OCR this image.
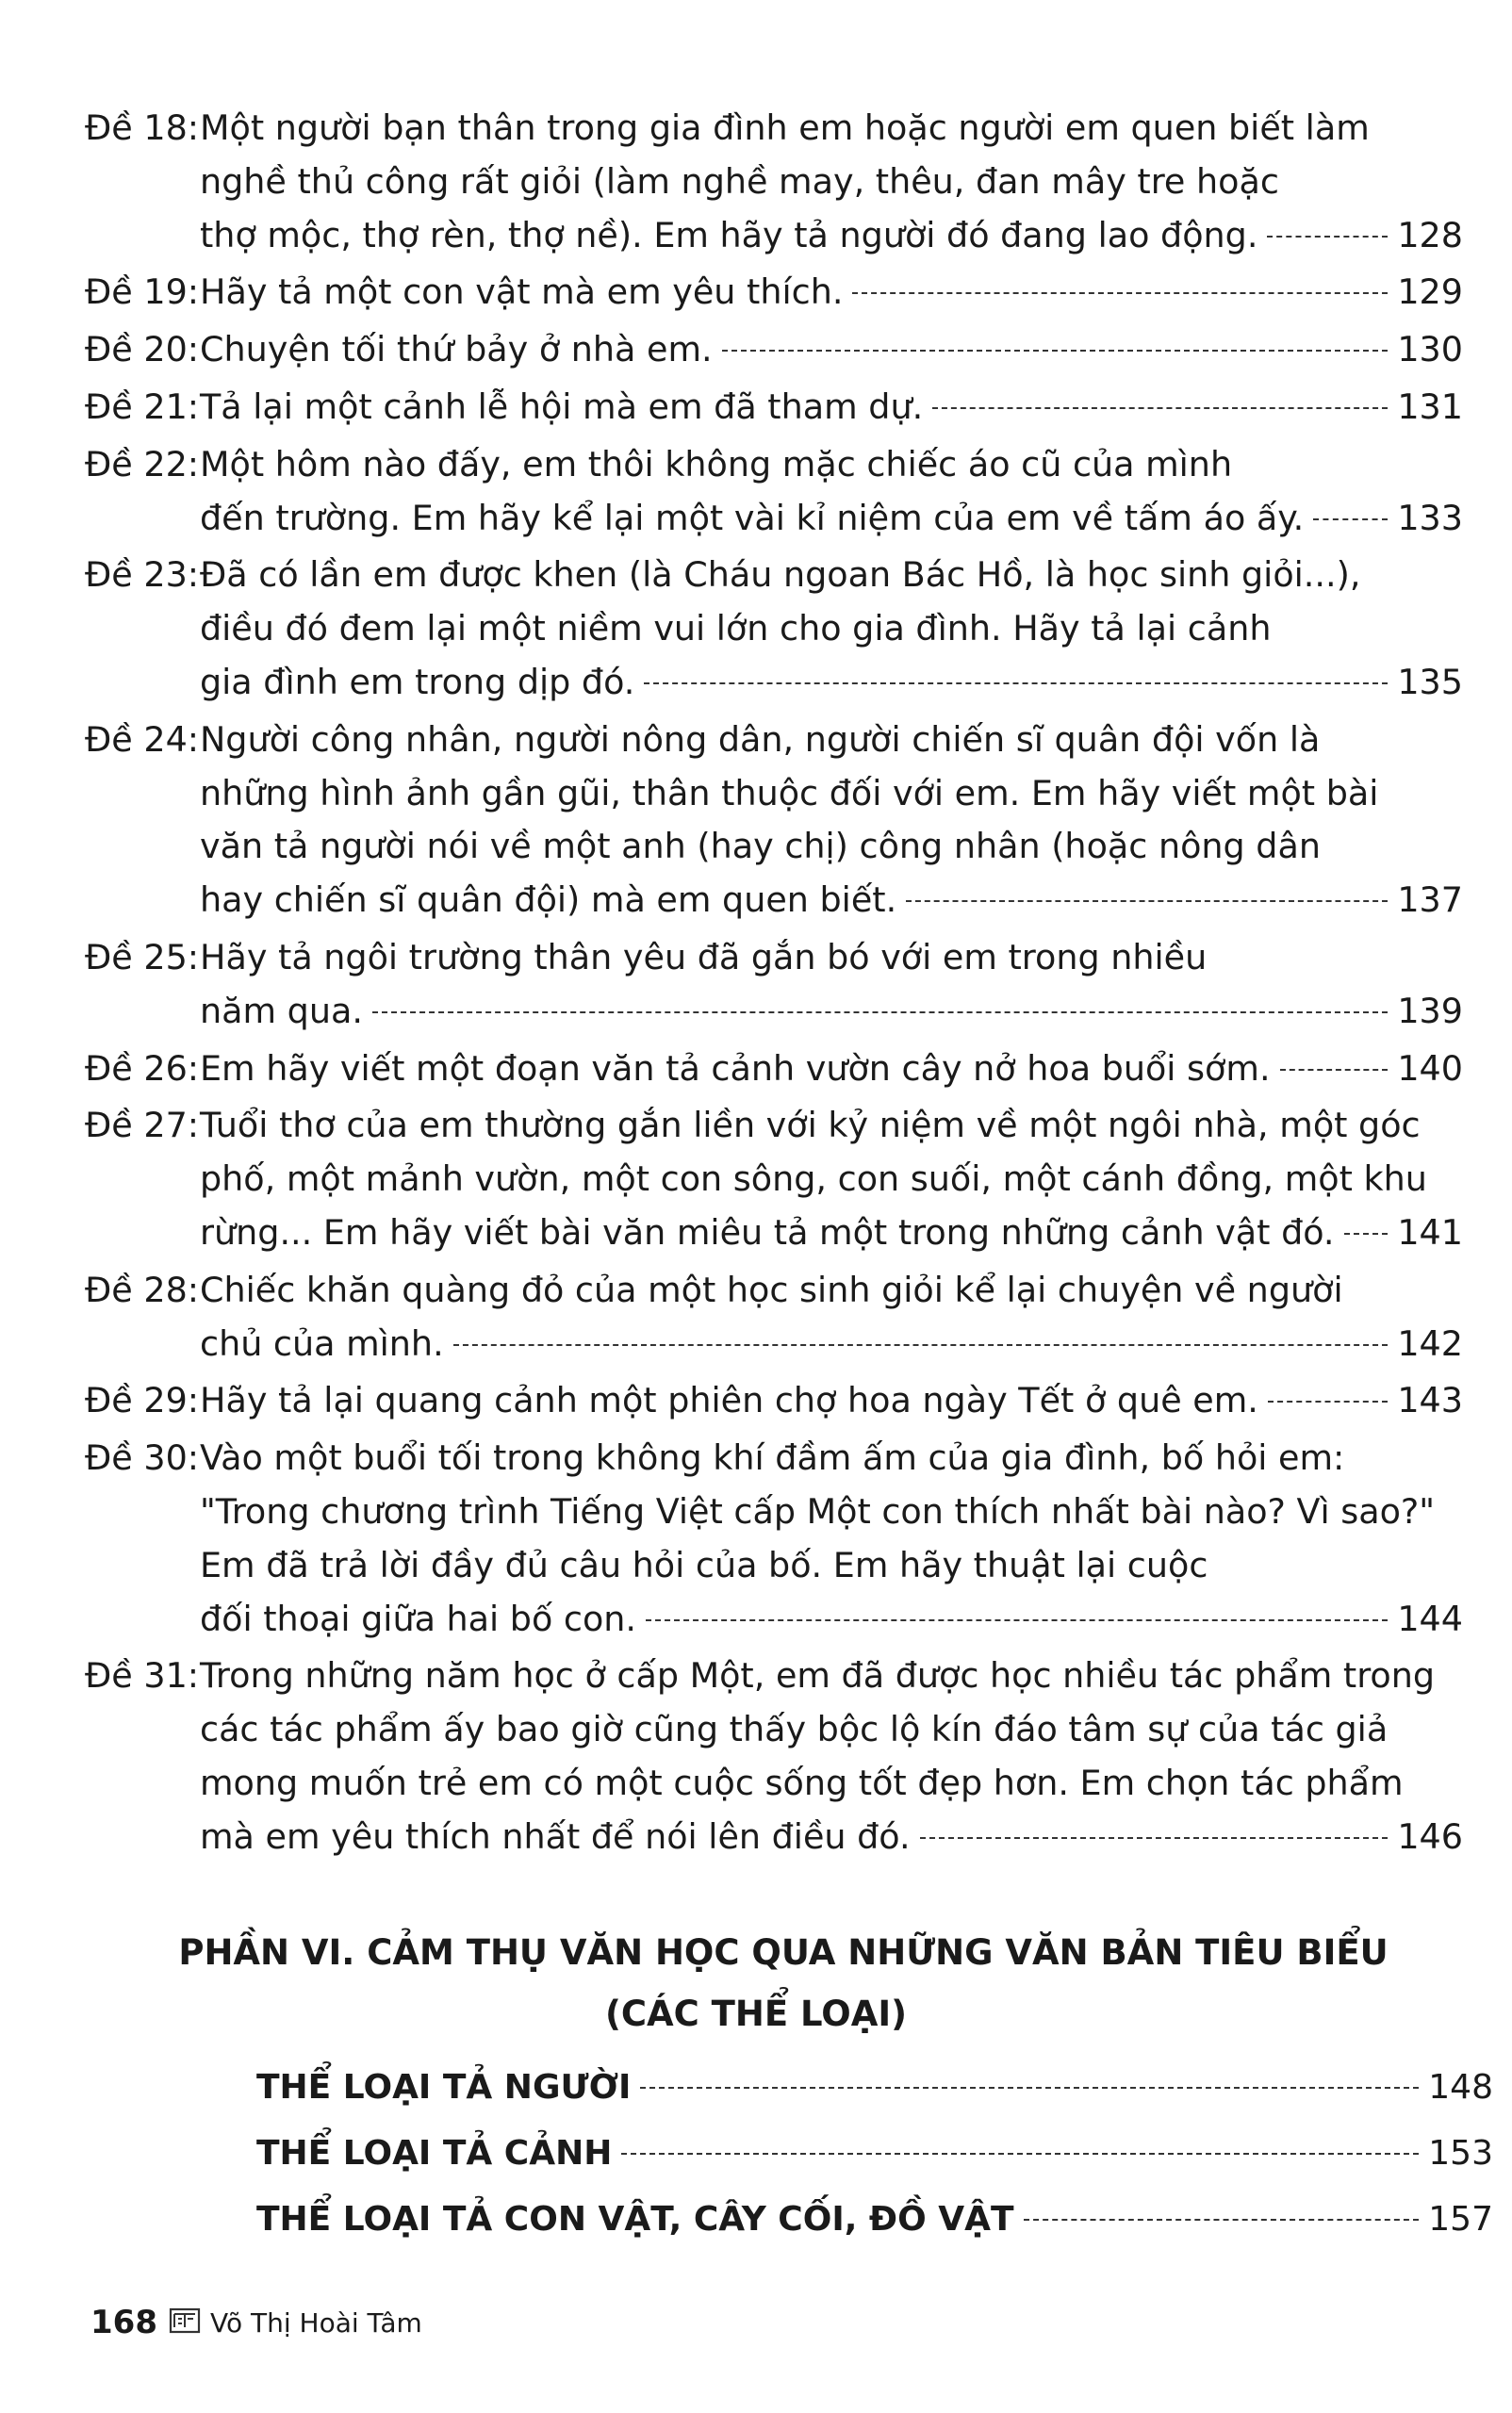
Đề 18: Một người bạn thân trong gia đình em hoặc người em quen biết làm
nghề thủ công rất giỏi (làm nghề may, thêu, đan mây tre hoặc
thợ mộc, thợ rèn, thợ nề). Em hãy tả người đó đang lao động.	128
Đề 19: Hãy tả một con vật mà em yêu thích.	129
Đề 20: Chuyện tối thứ bảy ở nhà em.	130
Đề 21: Tả lại một cảnh lễ hội mà em đã tham dự.	131
Đề 22: Một hôm nào đấy, em thôi không mặc chiếc áo cũ của mình
đến trường. Em hãy kể lại một vài kỉ niệm của em về tấm áo ấy.	133
Đề 23: Đã có lần em được khen (là Cháu ngoan Bác Hồ, là học sinh giỏi...),
điều đó đem lại một niềm vui lớn cho gia đình. Hãy tả lại cảnh
gia đình em trong dịp đó.	135
Đề 24: Người công nhân, người nông dân, người chiến sĩ quân đội vốn là
những hình ảnh gần gũi, thân thuộc đối với em. Em hãy viết một bài
văn tả người nói về một anh (hay chị) công nhân (hoặc nông dân
hay chiến sĩ quân đội) mà em quen biết.	137
Đề 25: Hãy tả ngôi trường thân yêu đã gắn bó với em trong nhiều
năm qua.	139
Đề 26: Em hãy viết một đoạn văn tả cảnh vườn cây nở hoa buổi sớm.	140
Đề 27: Tuổi thơ của em thường gắn liền với kỷ niệm về một ngôi nhà, một góc
phố, một mảnh vườn, một con sông, con suối, một cánh đồng, một khu
rừng... Em hãy viết bài văn miêu tả một trong những cảnh vật đó. 141
Đề 28: Chiếc khăn quàng đỏ của một học sinh giỏi kể lại chuyện về người
chủ của mình.	142
Đề 29: Hãy tả lại quang cảnh một phiên chợ hoa ngày Tết ở quê em.	143
Đề 30: Vào một buổi tối trong không khí đầm ấm của gia đình, bố hỏi em:
"Trong chương trình Tiếng Việt cấp Một con thích nhất bài nào? Vì sao?"
Em đã trả lời đầy đủ câu hỏi của bố. Em hãy thuật lại cuộc
đối thoại giữa hai bố con.	144
Đề 31: Trong những năm học ở cấp Một, em đã được học nhiều tác phẩm trong
các tác phẩm ấy bao giờ cũng thấy bộc lộ kín đáo tâm sự của tác giả
mong muốn trẻ em có một cuộc sống tốt đẹp hơn. Em chọn tác phẩm
mà em yêu thích nhất để nói lên điều đó.	146
PHẦN VI. CẢM THỤ VĂN HỌC QUA NHỮNG VĂN BẢN TIÊU BIỂU
(CÁC THỂ LOẠI)
THỂ LOẠI TẢ NGƯỜI	148
THỂ LOẠI TẢ CẢNH	153
THỂ LOẠI TẢ CON VẬT, CÂY CỐI, ĐỒ VẬT	157
168 Võ Thị Hoài Tâm
